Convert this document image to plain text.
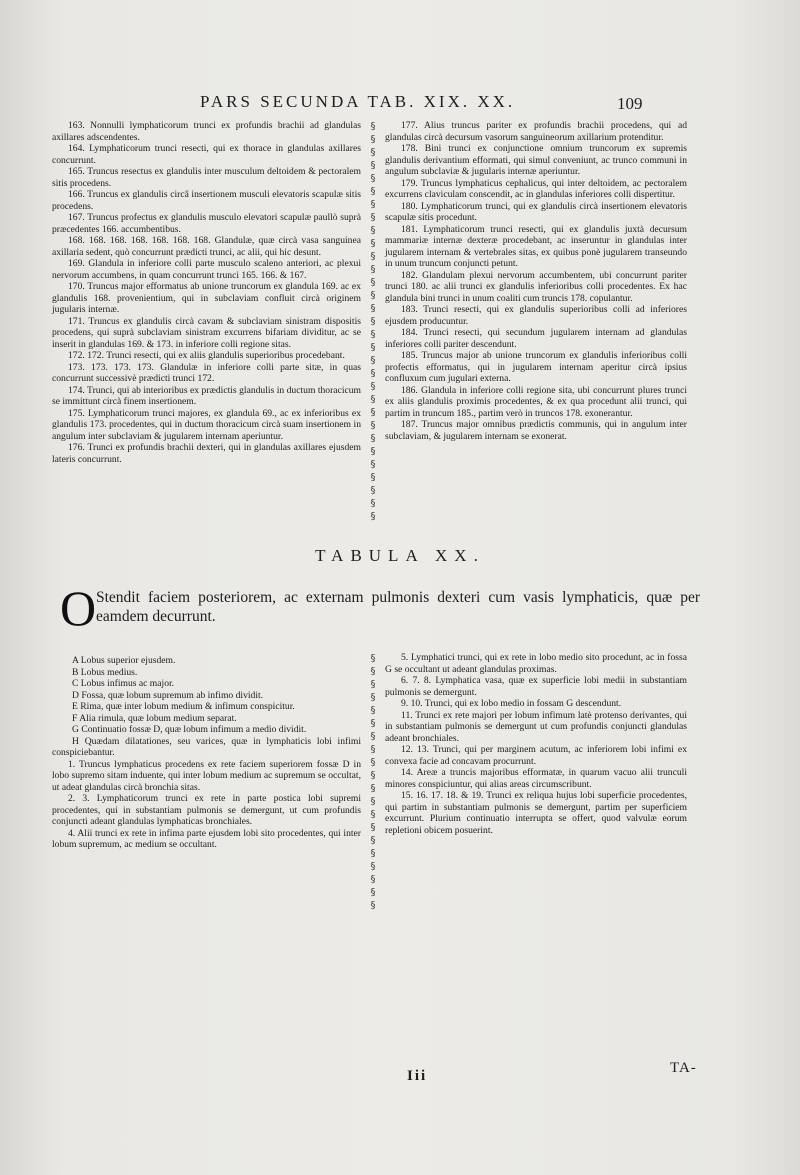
PARS SECUNDA TAB. XIX. XX.	109

163. Nonnulli lymphaticorum trunci ex profundis brachii ad glandulas axillares adscendentes.

164. Lymphaticorum trunci resecti, qui ex thorace in glandulas axillares concurrunt.

165. Truncus resectus ex glandulis inter musculum deltoidem & pectoralem sitis procedens.

166. Truncus ex glandulis circâ insertionem musculi elevatoris scapulæ sitis procedens.

167. Truncus profectus ex glandulis musculo elevatori scapulæ paullò suprà præcedentes 166. accumbentibus.

168. 168. 168. 168. 168. 168. 168. Glandulæ, quæ circà vasa sanguinea axillaria sedent, quò concurrunt prædicti trunci, ac alii, qui hic desunt.

169. Glandula in inferiore colli parte musculo scaleno anteriori, ac plexui nervorum accumbens, in quam concurrunt trunci 165. 166. & 167.

170. Truncus major efformatus ab unione truncorum ex glandula 169. ac ex glandulis 168. provenientium, qui in subclaviam confluit circà originem jugularis internæ.

171. Truncus ex glandulis circà cavam & subclaviam sinistram dispositis procedens, qui suprà subclaviam sinistram excurrens bifariam dividitur, ac se inserit in glandulas 169. & 173. in inferiore colli regione sitas.

172. 172. Trunci resecti, qui ex aliis glandulis superioribus procedebant.

173. 173. 173. 173. Glandulæ in inferiore colli parte sitæ, in quas concurrunt successivè prædicti trunci 172.

174. Trunci, qui ab interioribus ex prædictis glandulis in ductum thoracicum se immittunt circà finem insertionem.

175. Lymphaticorum trunci majores, ex glandula 69., ac ex inferioribus ex glandulis 173. procedentes, qui in ductum thoracicum circà suam insertionem in angulum inter subclaviam & jugularem internam aperiuntur.

176. Trunci ex profundis brachii dexteri, qui in glandulas axillares ejusdem lateris concurrunt.

§
§
§
§
§
§
§
§
§
§
§
§
§
§
§
§
§
§
§
§
§
§
§
§
§
§
§
§
§
§
§

177. Alius truncus pariter ex profundis brachii procedens, qui ad glandulas circà decursum vasorum sanguineorum axillarium protenditur.

178. Bini trunci ex conjunctione omnium truncorum ex supremis glandulis derivantium efformati, qui simul conveniunt, ac trunco communi in angulum subclaviæ & jugularis internæ aperiuntur.

179. Truncus lymphaticus cephalicus, qui inter deltoidem, ac pectoralem excurrens claviculam conscendit, ac in glandulas inferiores colli dispertitur.

180. Lymphaticorum trunci, qui ex glandulis circà insertionem elevatoris scapulæ sitis procedunt.

181. Lymphaticorum trunci resecti, qui ex glandulis juxtà decursum mammariæ internæ dexteræ procedebant, ac inseruntur in glandulas inter jugularem internam & vertebrales sitas, ex quibus ponè jugularem transeundo in unum truncum conjuncti petunt.

182. Glandulam plexui nervorum accumbentem, ubi concurrunt pariter trunci 180. ac alii trunci ex glandulis inferioribus colli procedentes. Ex hac glandula bini trunci in unum coaliti cum truncis 178. copulantur.

183. Trunci resecti, qui ex glandulis superioribus colli ad inferiores ejusdem producuntur.

184. Trunci resecti, qui secundum jugularem internam ad glandulas inferiores colli pariter descendunt.

185. Truncus major ab unione truncorum ex glandulis inferioribus colli profectis efformatus, qui in jugularem internam aperitur circà ipsius confluxum cum jugulari externa.

186. Glandula in inferiore colli regione sita, ubi concurrunt plures trunci ex aliis glandulis proximis procedentes, & ex qua procedunt alii trunci, qui partim in truncum 185., partim verò in truncos 178. exonerantur.

187. Truncus major omnibus prædictis communis, qui in angulum inter subclaviam, & jugularem internam se exonerat.

TABULA XX.
O Stendit faciem posteriorem, ac externam pulmonis dexteri cum vasis lymphaticis, quæ per eamdem decurrunt.

A Lobus superior ejusdem.

B Lobus medius.

C Lobus infimus ac major.

D Fossa, quæ lobum supremum ab infimo dividit.

E Rima, quæ inter lobum medium & infimum conspicitur.

F Alia rimula, quæ lobum medium separat.

G Continuatio fossæ D, quæ lobum infimum a medio dividit.

H Quædam dilatationes, seu varices, quæ in lymphaticis lobi infimi conspiciebantur.

1. Truncus lymphaticus procedens ex rete faciem superiorem fossæ D in lobo supremo sitam induente, qui inter lobum medium ac supremum se occultat, ut adeat glandulas circà bronchia sitas.

2. 3. Lymphaticorum trunci ex rete in parte postica lobi supremi procedentes, qui in substantiam pulmonis se demergunt, ut cum profundis conjuncti adeant glandulas lymphaticas bronchiales.

4. Alii trunci ex rete in infima parte ejusdem lobi sito procedentes, qui inter lobum supremum, ac medium se occultant.

§
§
§
§
§
§
§
§
§
§
§
§
§
§
§
§
§
§
§
§

5. Lymphatici trunci, qui ex rete in lobo medio sito procedunt, ac in fossa G se occultant ut adeant glandulas proximas.

6. 7. 8. Lymphatica vasa, quæ ex superficie lobi medii in substantiam pulmonis se demergunt.

9. 10. Trunci, qui ex lobo medio in fossam G descendunt.

11. Trunci ex rete majori per lobum infimum latè protenso derivantes, qui in substantiam pulmonis se demergunt ut cum profundis conjuncti glandulas adeant bronchiales.

12. 13. Trunci, qui per marginem acutum, ac inferiorem lobi infimi ex convexa facie ad concavam procurrunt.

14. Areæ a truncis majoribus efformatæ, in quarum vacuo alii trunculi minores conspiciuntur, qui alias areas circumscribunt.

15. 16. 17. 18. & 19. Trunci ex reliqua hujus lobi superficie procedentes, qui partim in substantiam pulmonis se demergunt, partim per superficiem excurrunt. Plurium continuatio interrupta se offert, quod valvulæ eorum repletioni obicem posuerint.

Iii	TA-
